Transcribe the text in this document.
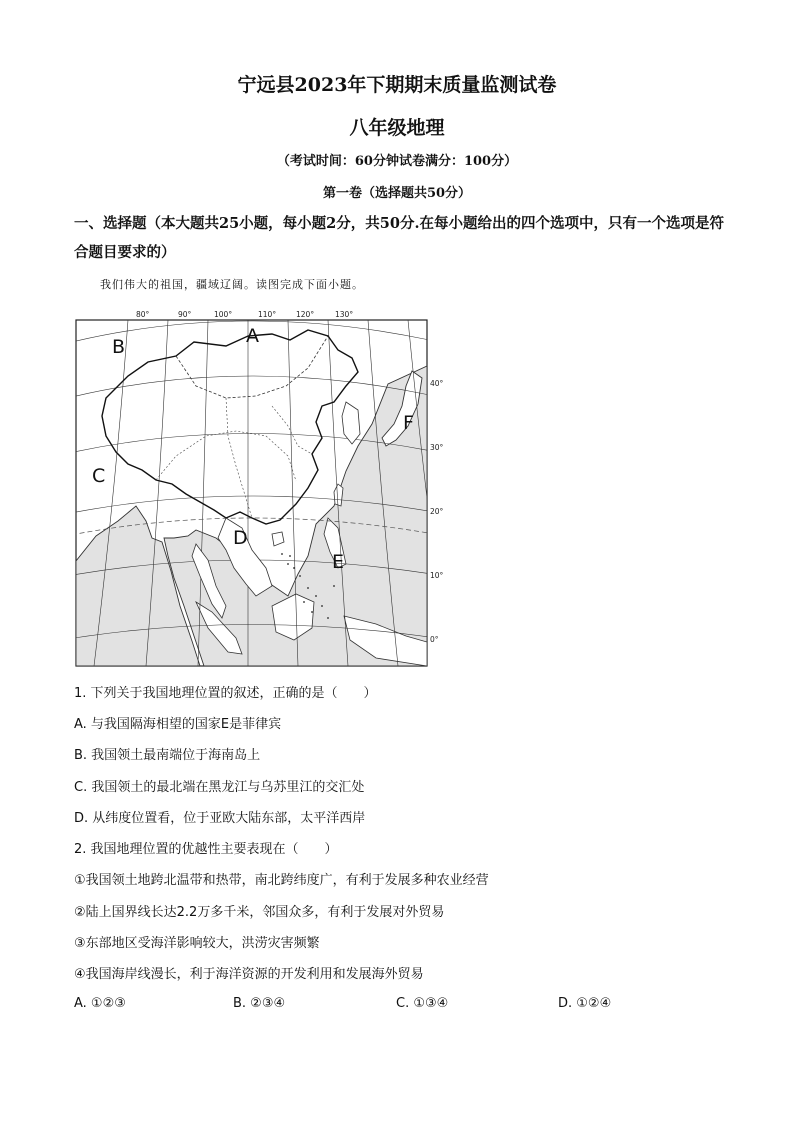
宁远县2023年下期期末质量监测试卷
八年级地理
（考试时间：60分钟试卷满分：100分）
第一卷（选择题共50分）
一、选择题（本大题共25小题，每小题2分，共50分.在每小题给出的四个选项中，只有一个选项是符合题目要求的）
我们伟大的祖国，疆域辽阔。读图完成下面小题。
80°	90°	100°	110°	120°	130°
40°
30°
20°
10°
0°
A
B
C
D
E
F
1. 下列关于我国地理位置的叙述，正确的是（　　）
A. 与我国隔海相望的国家E是菲律宾
B. 我国领土最南端位于海南岛上
C. 我国领土的最北端在黑龙江与乌苏里江的交汇处
D. 从纬度位置看，位于亚欧大陆东部，太平洋西岸
2. 我国地理位置的优越性主要表现在（　　）
①我国领土地跨北温带和热带，南北跨纬度广，有利于发展多种农业经营
②陆上国界线长达2.2万多千米，邻国众多，有利于发展对外贸易
③东部地区受海洋影响较大，洪涝灾害频繁
④我国海岸线漫长，利于海洋资源的开发利用和发展海外贸易
A. ①②③	B. ②③④	C. ①③④	D. ①②④
